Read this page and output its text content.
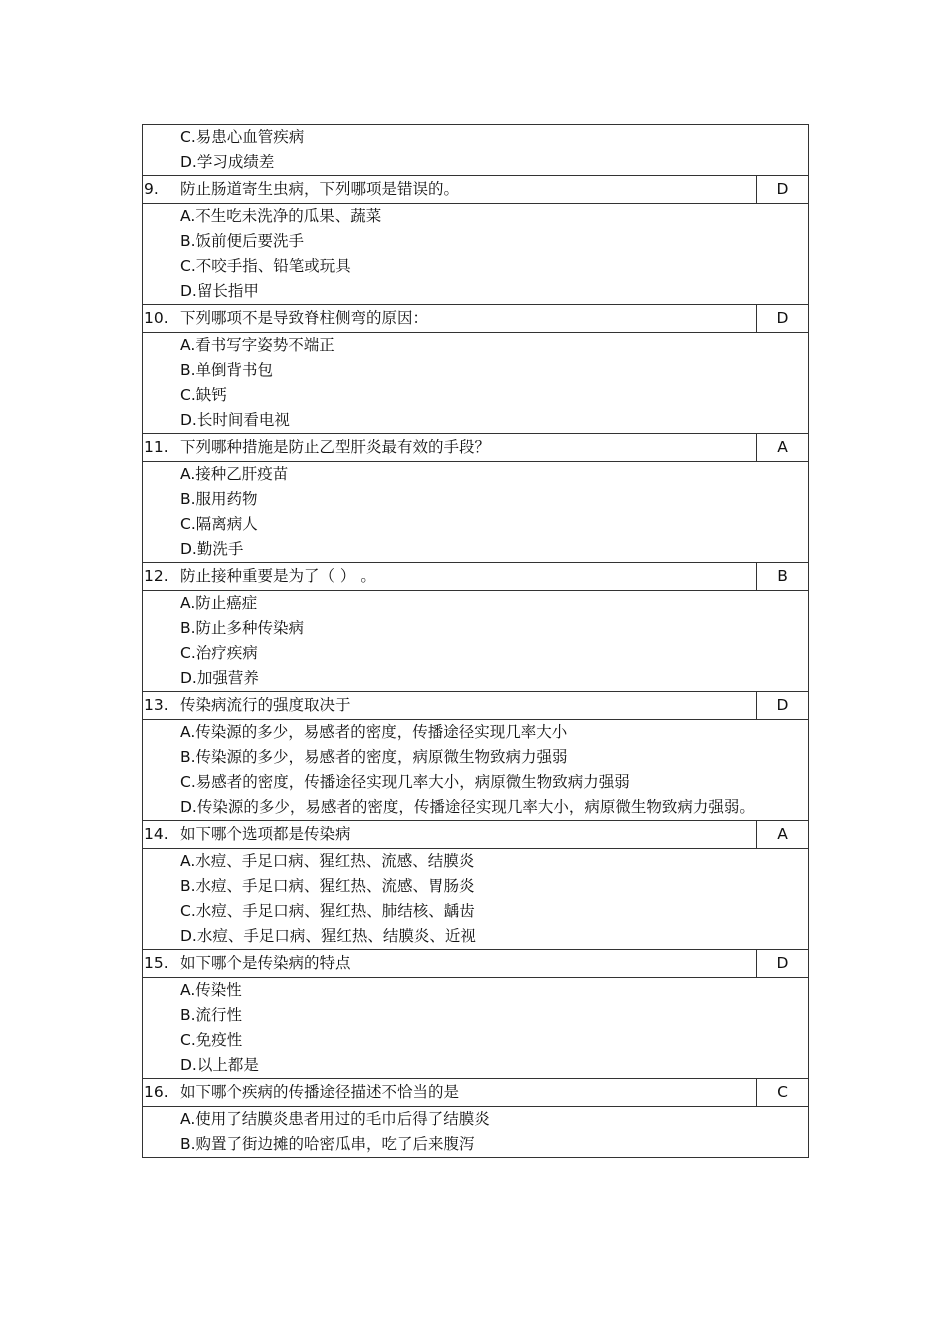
C.易患心血管疾病
D.学习成绩差	

9. 防止肠道寄生虫病，下列哪项是错误的。	D

A.不生吃未洗净的瓜果、蔬菜
B.饭前便后要洗手
C.不咬手指、铅笔或玩具
D.留长指甲	

10. 下列哪项不是导致脊柱侧弯的原因：	D

A.看书写字姿势不端正
B.单倒背书包
C.缺钙
D.长时间看电视	

11. 下列哪种措施是防止乙型肝炎最有效的手段？	A

A.接种乙肝疫苗
B.服用药物
C.隔离病人
D.勤洗手	

12. 防止接种重要是为了（ ） 。	B

A.防止癌症
B.防止多种传染病
C.治疗疾病
D.加强营养	

13. 传染病流行的强度取决于	D

A.传染源的多少，易感者的密度，传播途径实现几率大小
B.传染源的多少，易感者的密度，病原微生物致病力强弱
C.易感者的密度，传播途径实现几率大小，病原微生物致病力强弱
D.传染源的多少，易感者的密度，传播途径实现几率大小，病原微生物致病力强弱。	

14. 如下哪个选项都是传染病	A

A.水痘、手足口病、猩红热、流感、结膜炎
B.水痘、手足口病、猩红热、流感、胃肠炎
C.水痘、手足口病、猩红热、肺结核、龋齿
D.水痘、手足口病、猩红热、结膜炎、近视	

15. 如下哪个是传染病的特点	D

A.传染性
B.流行性
C.免疫性
D.以上都是	

16. 如下哪个疾病的传播途径描述不恰当的是	C

A.使用了结膜炎患者用过的毛巾后得了结膜炎
B.购置了街边摊的哈密瓜串，吃了后来腹泻	
